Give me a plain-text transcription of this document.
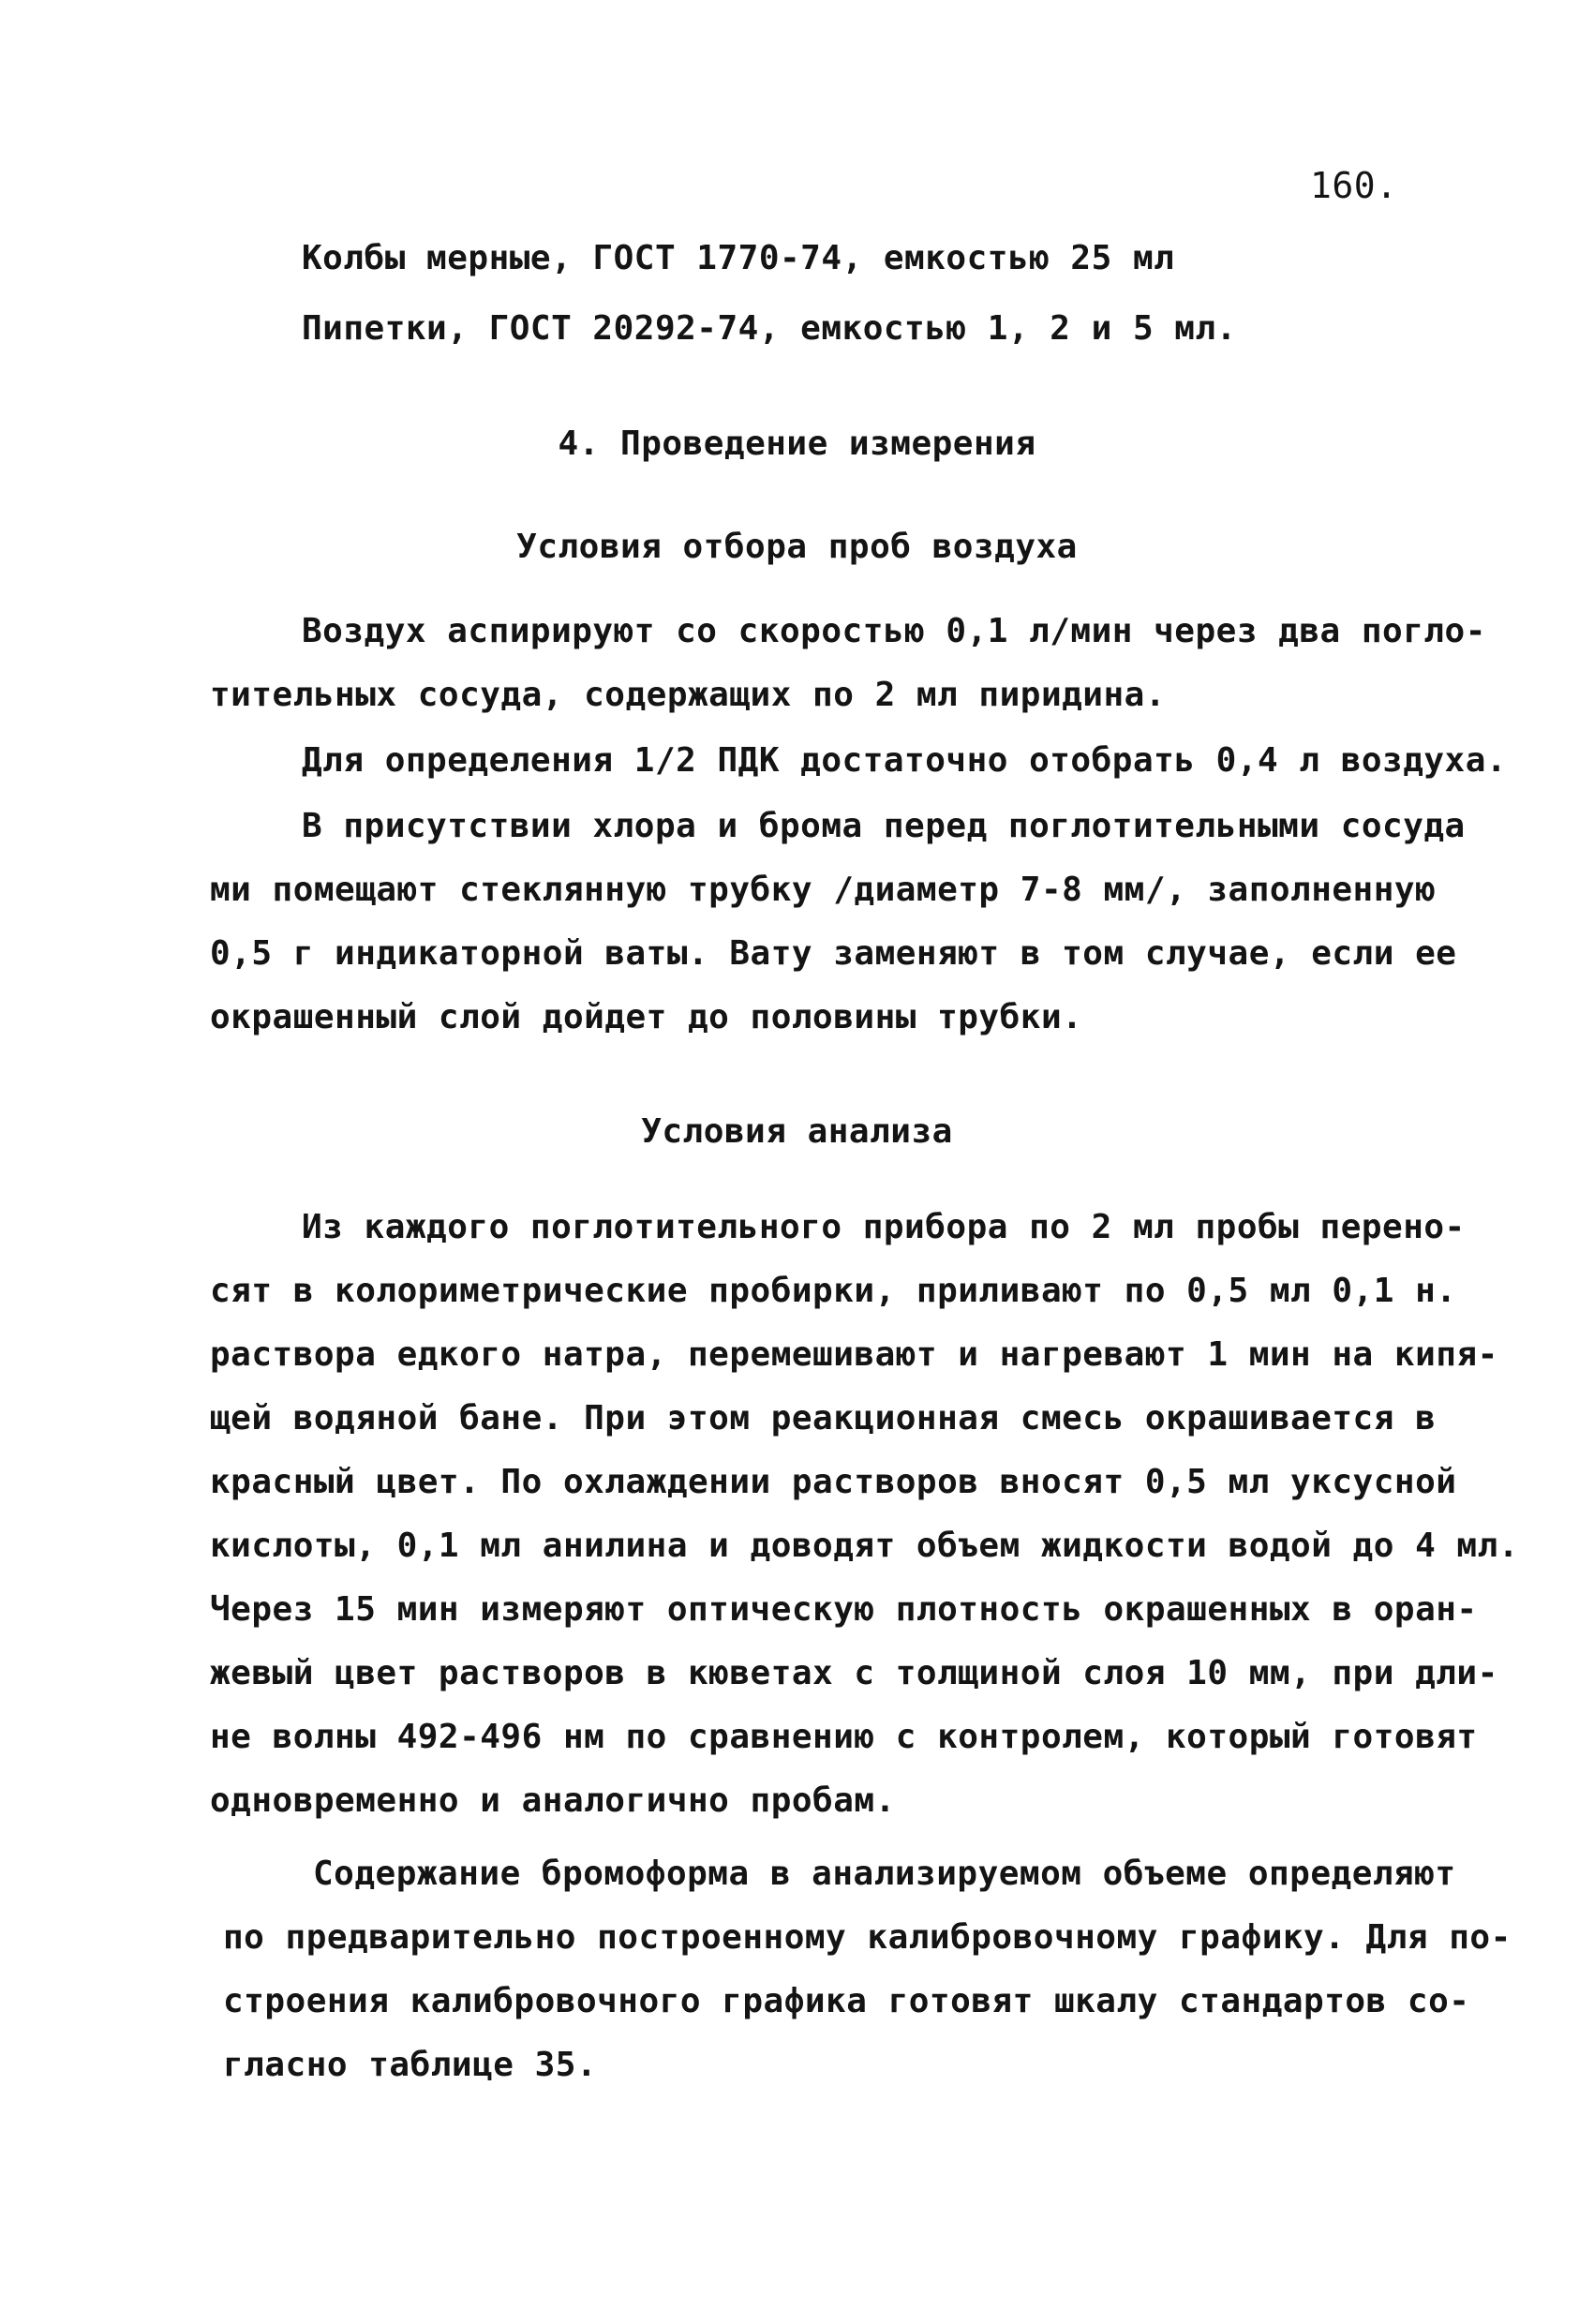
160.
Колбы мерные, ГОСТ 1770-74, емкостью 25 мл
Пипетки, ГОСТ 20292-74, емкостью 1, 2 и 5 мл.
4. Проведение измерения
Условия отбора проб воздуха
Воздух аспирируют со скоростью 0,1 л/мин через два погло-
тительных сосуда, содержащих по 2 мл пиридина.
Для определения 1/2 ПДК достаточно отобрать 0,4 л воздуха.
В присутствии хлора и брома перед поглотительными сосуда
ми помещают стеклянную трубку /диаметр 7-8 мм/, заполненную
0,5 г индикаторной ваты. Вату заменяют в том случае, если ее
окрашенный слой дойдет до половины трубки.
Условия анализа
Из каждого поглотительного прибора по 2 мл пробы перено-
сят в колориметрические пробирки, приливают по 0,5 мл 0,1 н.
раствора едкого натра, перемешивают и нагревают 1 мин на кипя-
щей водяной бане. При этом реакционная смесь окрашивается в
красный цвет. По охлаждении растворов вносят 0,5 мл уксусной
кислоты, 0,1 мл анилина и доводят объем жидкости водой до 4 мл.
Через 15 мин измеряют оптическую плотность окрашенных в оран-
жевый цвет растворов в кюветах с толщиной слоя 10 мм, при дли-
не волны 492-496 нм по сравнению с контролем, который готовят
одновременно и аналогично пробам.
Содержание бромоформа в анализируемом объеме определяют
по предварительно построенному калибровочному графику. Для по-
строения калибровочного графика готовят шкалу стандартов со-
гласно таблице 35.
